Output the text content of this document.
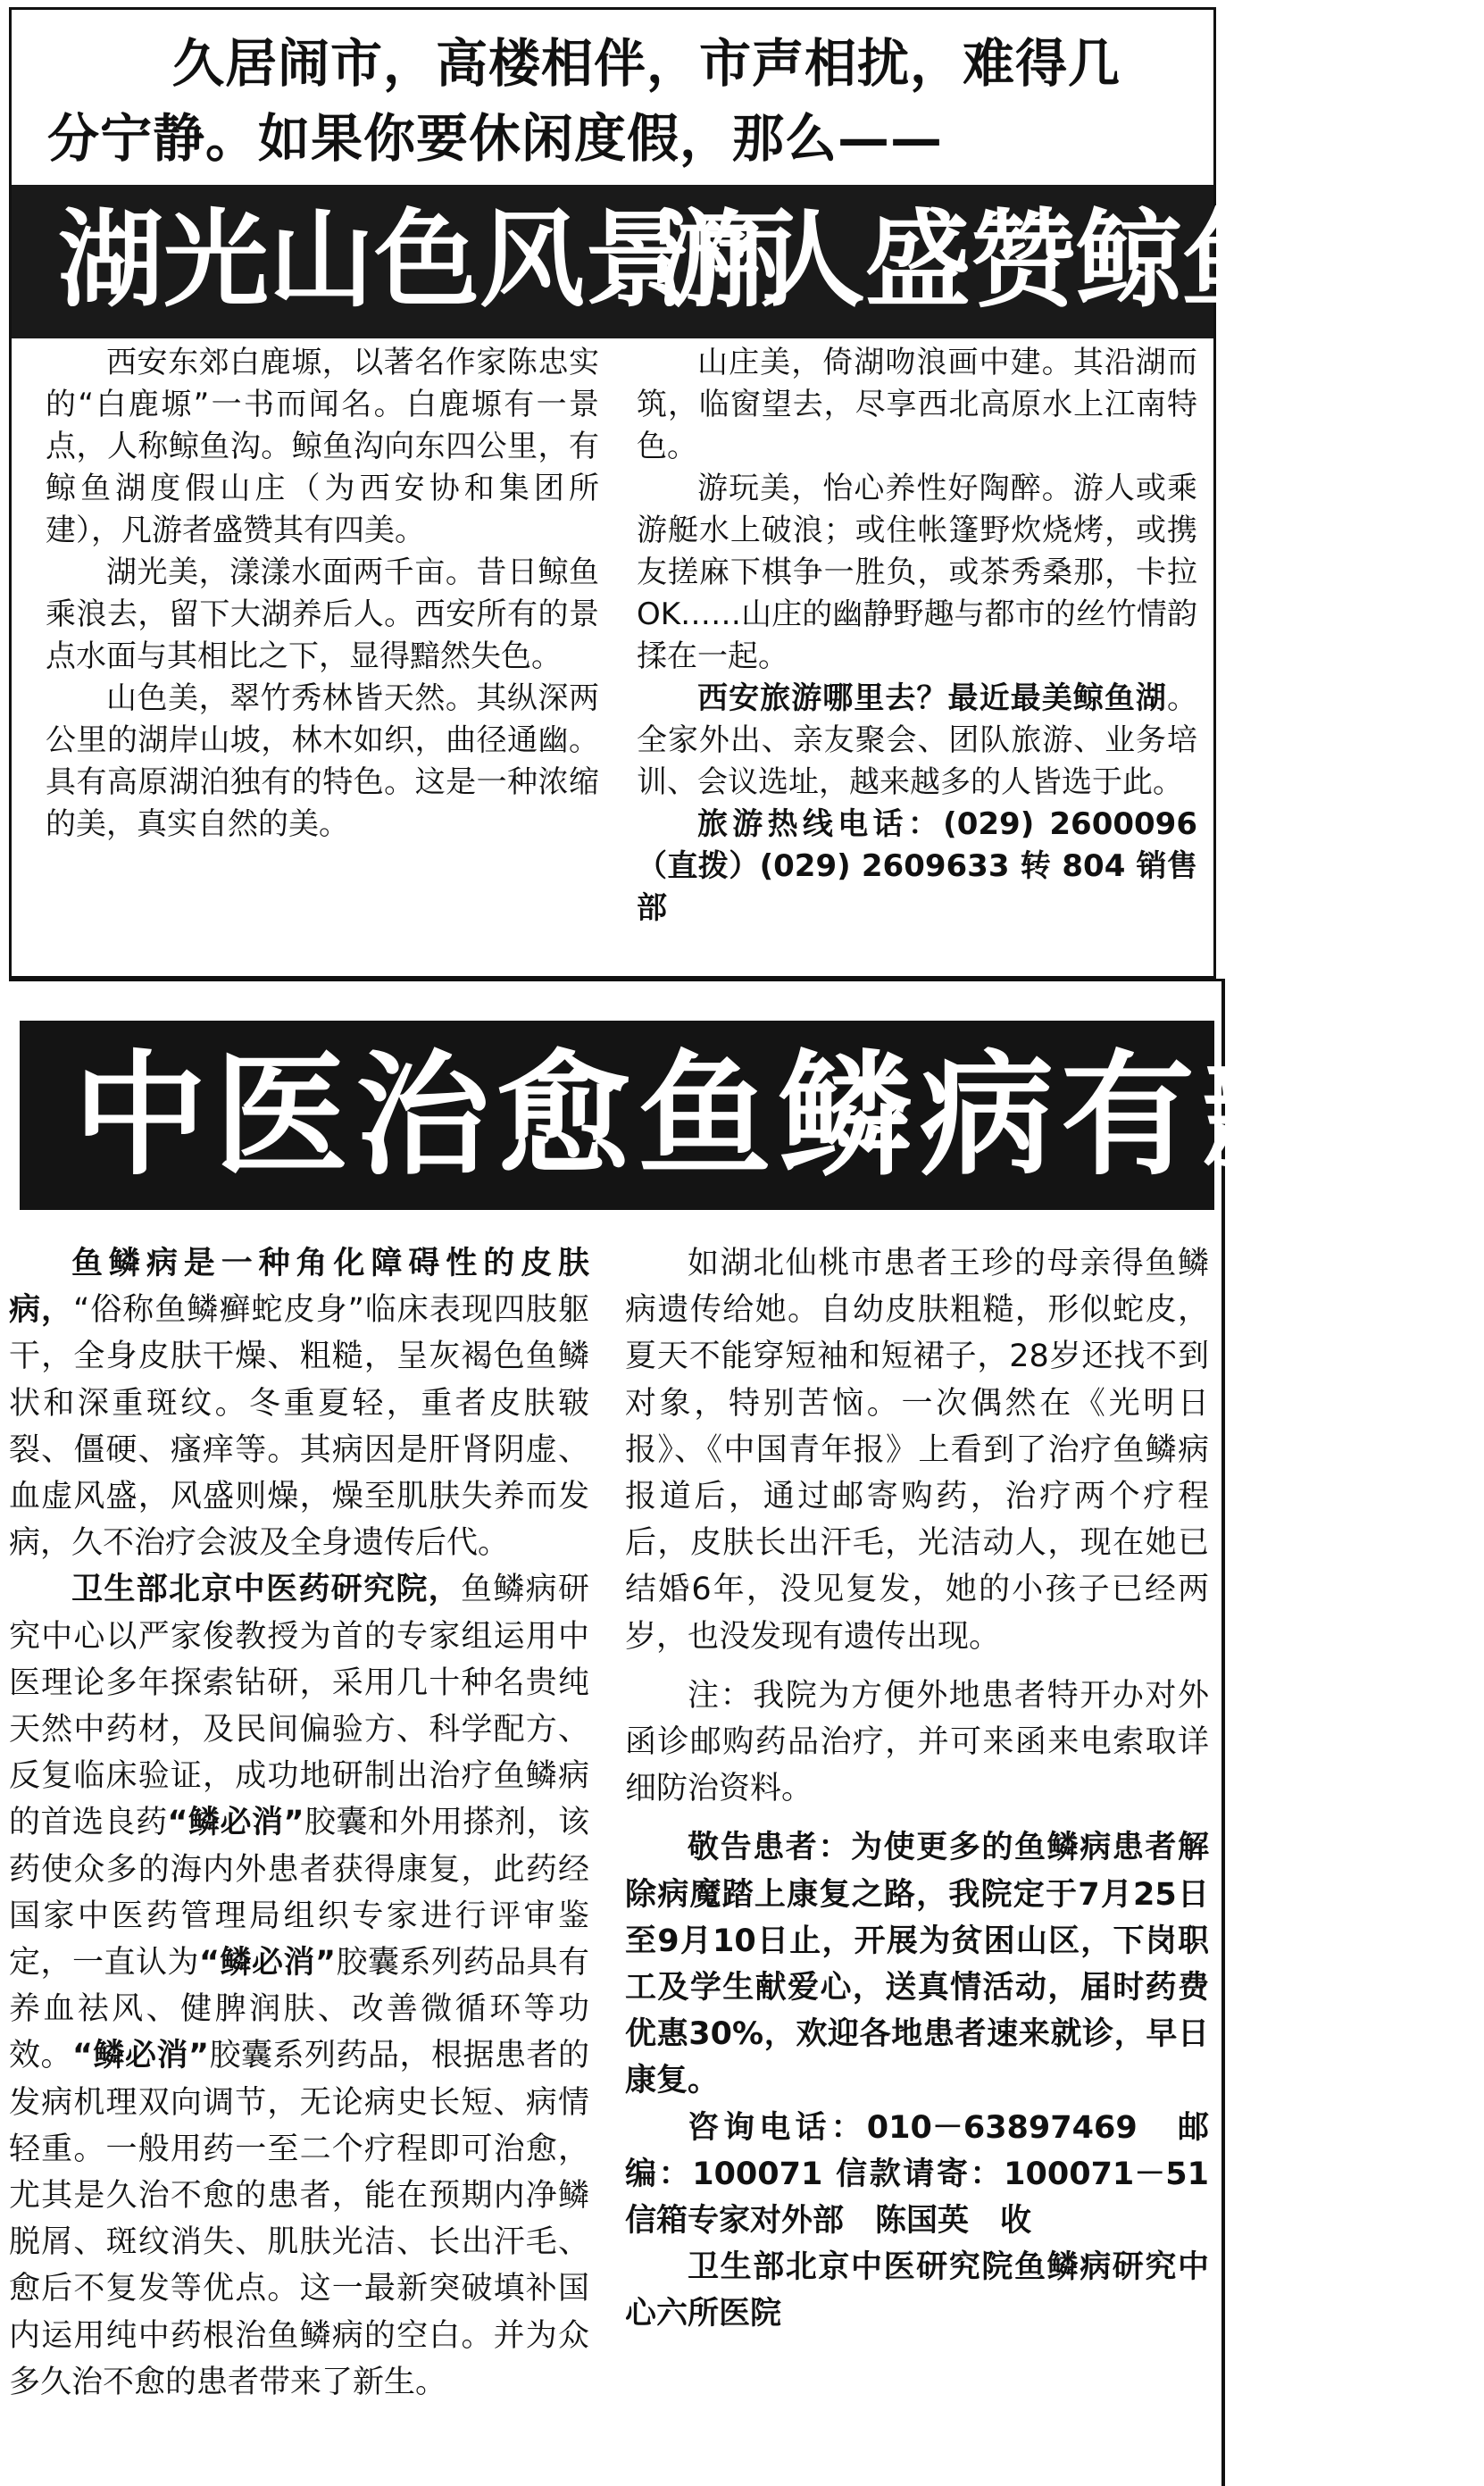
久居闹市，高楼相伴，市声相扰，难得几

分宁静。如果你要休闲度假，那么——

湖光山色风景丽
游人盛赞鲸鱼湖

西安东郊白鹿塬，以著名作家陈忠实的“白鹿塬”一书而闻名。白鹿塬有一景点，人称鲸鱼沟。鲸鱼沟向东四公里，有鲸鱼湖度假山庄（为西安协和集团所建），凡游者盛赞其有四美。

湖光美，漾漾水面两千亩。昔日鲸鱼乘浪去，留下大湖养后人。西安所有的景点水面与其相比之下，显得黯然失色。

山色美，翠竹秀林皆天然。其纵深两公里的湖岸山坡，林木如织，曲径通幽。具有高原湖泊独有的特色。这是一种浓缩的美，真实自然的美。

山庄美，倚湖吻浪画中建。其沿湖而筑，临窗望去，尽享西北高原水上江南特色。

游玩美，怡心养性好陶醉。游人或乘游艇水上破浪；或住帐篷野炊烧烤，或携友搓麻下棋争一胜负，或茶秀桑那，卡拉OK……山庄的幽静野趣与都市的丝竹情韵揉在一起。

西安旅游哪里去？最近最美鲸鱼湖。全家外出、亲友聚会、团队旅游、业务培训、会议选址，越来越多的人皆选于此。

旅游热线电话：(029) 2600096（直拨）(029) 2609633 转 804 销售部

中医治愈鱼鳞病有新招

鱼鳞病是一种角化障碍性的皮肤病，“俗称鱼鳞癣蛇皮身”临床表现四肢躯干，全身皮肤干燥、粗糙，呈灰褐色鱼鳞状和深重斑纹。冬重夏轻，重者皮肤皲裂、僵硬、瘙痒等。其病因是肝肾阴虚、血虚风盛，风盛则燥，燥至肌肤失养而发病，久不治疗会波及全身遗传后代。

卫生部北京中医药研究院，鱼鳞病研究中心以严家俊教授为首的专家组运用中医理论多年探索钻研，采用几十种名贵纯天然中药材，及民间偏验方、科学配方、反复临床验证，成功地研制出治疗鱼鳞病的首选良药“鳞必消”胶囊和外用搽剂，该药使众多的海内外患者获得康复，此药经国家中医药管理局组织专家进行评审鉴定，一直认为“鳞必消”胶囊系列药品具有养血祛风、健脾润肤、改善微循环等功效。“鳞必消”胶囊系列药品，根据患者的发病机理双向调节，无论病史长短、病情轻重。一般用药一至二个疗程即可治愈，尤其是久治不愈的患者，能在预期内净鳞脱屑、斑纹消失、肌肤光洁、长出汗毛、愈后不复发等优点。这一最新突破填补国内运用纯中药根治鱼鳞病的空白。并为众多久治不愈的患者带来了新生。

如湖北仙桃市患者王珍的母亲得鱼鳞病遗传给她。自幼皮肤粗糙，形似蛇皮，夏天不能穿短袖和短裙子，28岁还找不到对象，特别苦恼。一次偶然在《光明日报》、《中国青年报》上看到了治疗鱼鳞病报道后，通过邮寄购药，治疗两个疗程后，皮肤长出汗毛，光洁动人，现在她已结婚6年，没见复发，她的小孩子已经两岁，也没发现有遗传出现。

注：我院为方便外地患者特开办对外函诊邮购药品治疗，并可来函来电索取详细防治资料。

敬告患者：为使更多的鱼鳞病患者解除病魔踏上康复之路，我院定于7月25日至9月10日止，开展为贫困山区，下岗职工及学生献爱心，送真情活动，届时药费优惠30%，欢迎各地患者速来就诊，早日康复。

咨询电话：010－63897469　邮编：100071 信款请寄：100071－51 信箱专家对外部　陈国英　收

卫生部北京中医研究院鱼鳞病研究中心六所医院
